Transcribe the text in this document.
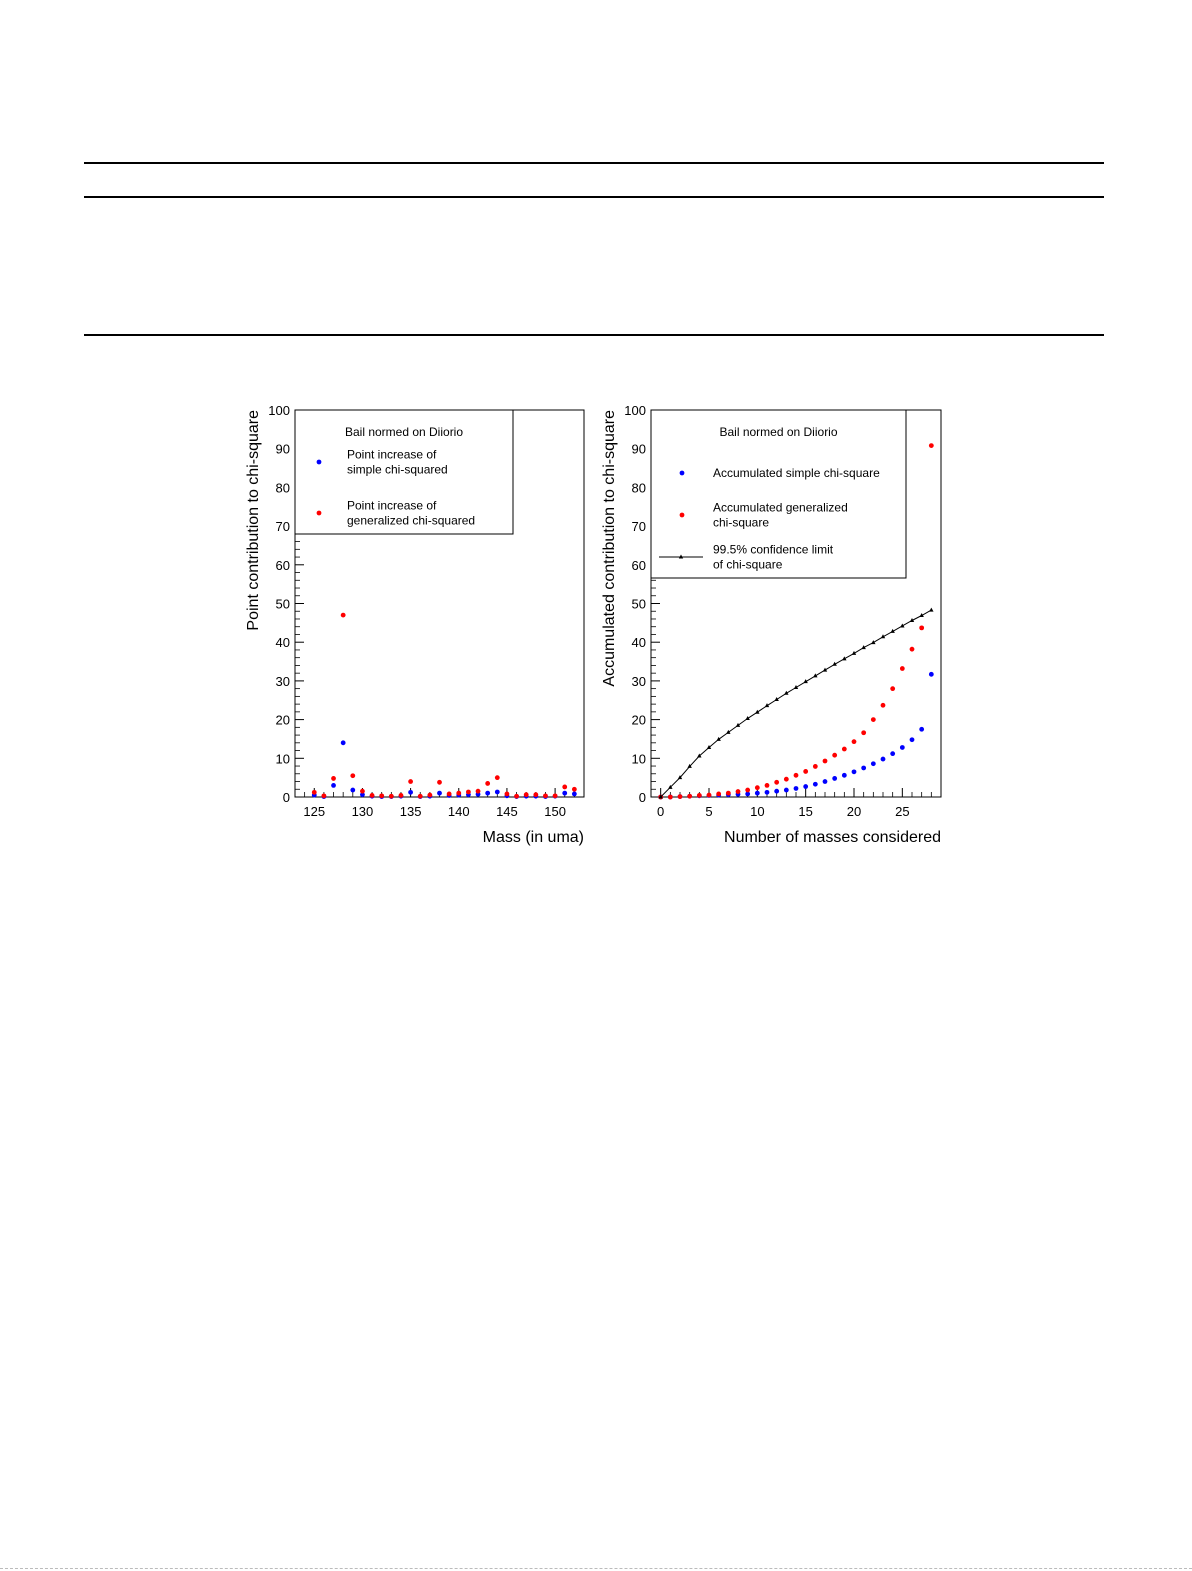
0
10
20
30
40
50
60
70
80
90
100
125 130 135 140 145 150
Mass (in uma)
Point contribution to chi-square	Bail normed on Diiorio
Point increase of
simple chi-squared
Point increase of
generalized chi-squared
0
10
20
30
40
50
60
70
80
90
100
0	5	10	15	20	25
Number of masses considered
Accumulated contribution to chi-square	Bail normed on Diiorio
Accumulated simple chi-square
Accumulated generalized
chi-square
99.5% confidence limit
of chi-square
